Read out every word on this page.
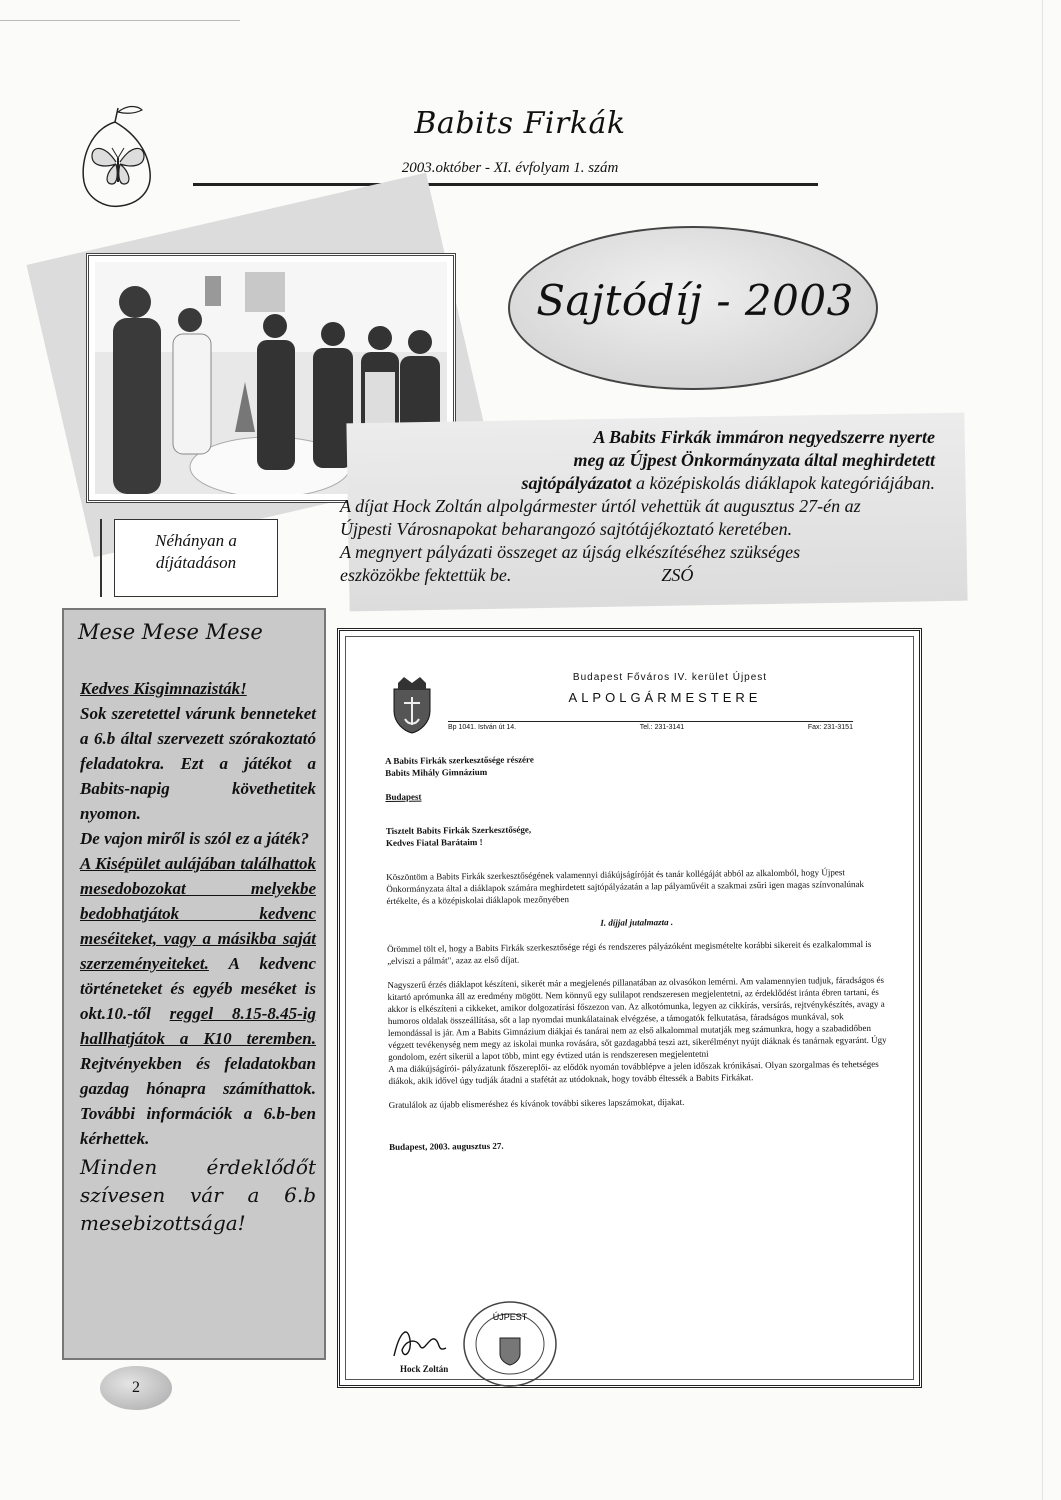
Babits Firkák
2003.október - XI. évfolyam 1. szám
Néhányan a
díjátadáson
Sajtódíj - 2003
A Babits Firkák immáron negyedszerre nyerte
meg az Újpest Önkormányzata által meghirdetett
sajtópályázatot a középiskolás diáklapok kategóriájában.
A díjat Hock Zoltán alpolgármester úrtól vehettük át augusztus 27-én az
Újpesti Városnapokat beharangozó sajtótájékoztató keretében.
A megnyert pályázati összeget az újság elkészítéséhez szükséges
eszközökbe fektettük be.	ZSÓ
Mese Mese Mese

Kedves Kisgimnazisták!

Sok szeretettel várunk benneteket a 6.b által szervezett szórakoztató feladatokra. Ezt a játékot a Babits-napig követhetitek nyomon.

De vajon miről is szól ez a játék?

A Kisépület aulájában találhattok mesedobozokat melyekbe bedobhatjátok kedvenc meséiteket, vagy a másikba saját szerzeményeiteket. A kedvenc történeteket és egyéb meséket is okt.10.-től reggel 8.15-8.45-ig hallhatjátok a K10 teremben. Rejtvényekben és feladatokban gazdag hónapra számíthattok. További információk a 6.b-ben kérhettek.

Minden érdeklődőt szívesen vár a 6.b mesebizottsága!

2
Budapest Főváros IV. kerület Újpest
ALPOLGÁRMESTERE
Bp 1041. István út 14.	Tel.: 231-3141	Fax: 231-3151

A Babits Firkák szerkesztősége részére
Babits Mihály Gimnázium

Budapest

Tisztelt Babits Firkák Szerkesztősége,
Kedves Fiatal Barátaim !

Köszöntöm a Babits Firkák szerkesztőségének valamennyi diákújságíróját és tanár kollégáját abból az alkalomból, hogy Újpest Önkormányzata által a diáklapok számára meghirdetett sajtópályázatán a lap pályaművéit a szakmai zsűri igen magas színvonalúnak értékelte, és a középiskolai diáklapok mezőnyében

I. díjjal jutalmazta .

Örömmel tölt el, hogy a Babits Firkák szerkesztősége régi és rendszeres pályázóként megismételte korábbi sikereit és ezalkalommal is „elviszi a pálmát", azaz az első díjat.

Nagyszerű érzés diáklapot készíteni, sikerét már a megjelenés pillanatában az olvasókon lemérni. Am valamennyien tudjuk, fáradságos és kitartó aprómunka áll az eredmény mögött. Nem könnyű egy sulilapot rendszeresen megjelentetni, az érdeklődést iránta ébren tartani, és akkor is elkészíteni a cikkeket, amikor dolgozatírási főszezon van. Az alkotómunka, legyen az cikkírás, versírás, rejtvénykészítés, avagy a humoros oldalak összeállítása, sőt a lap nyomdai munkálatainak elvégzése, a támogatók felkutatása, fáradságos munkával, sok lemondással is jár. Am a Babits Gimnázium diákjai és tanárai nem az első alkalommal mutatják meg számunkra, hogy a szabadidőben végzett tevékenység nem megy az iskolai munka rovására, sőt gazdagabbá teszi azt, sikerélményt nyújt diáknak és tanárnak egyaránt. Úgy gondolom, ezért sikerül a lapot több, mint egy évtized után is rendszeresen megjelentetni

A ma diákújságírói- pályázatunk főszereplői- az elődök nyomán továbblépve a jelen időszak krónikásai. Olyan szorgalmas és tehetséges diákok, akik idővel úgy tudják átadni a stafétát az utódoknak, hogy tovább éltessék a Babits Firkákat.

Gratulálok az újabb elismeréshez és kívánok további sikeres lapszámokat, díjakat.

Budapest, 2003. augusztus 27.

ÚJPEST
Hock Zoltán
